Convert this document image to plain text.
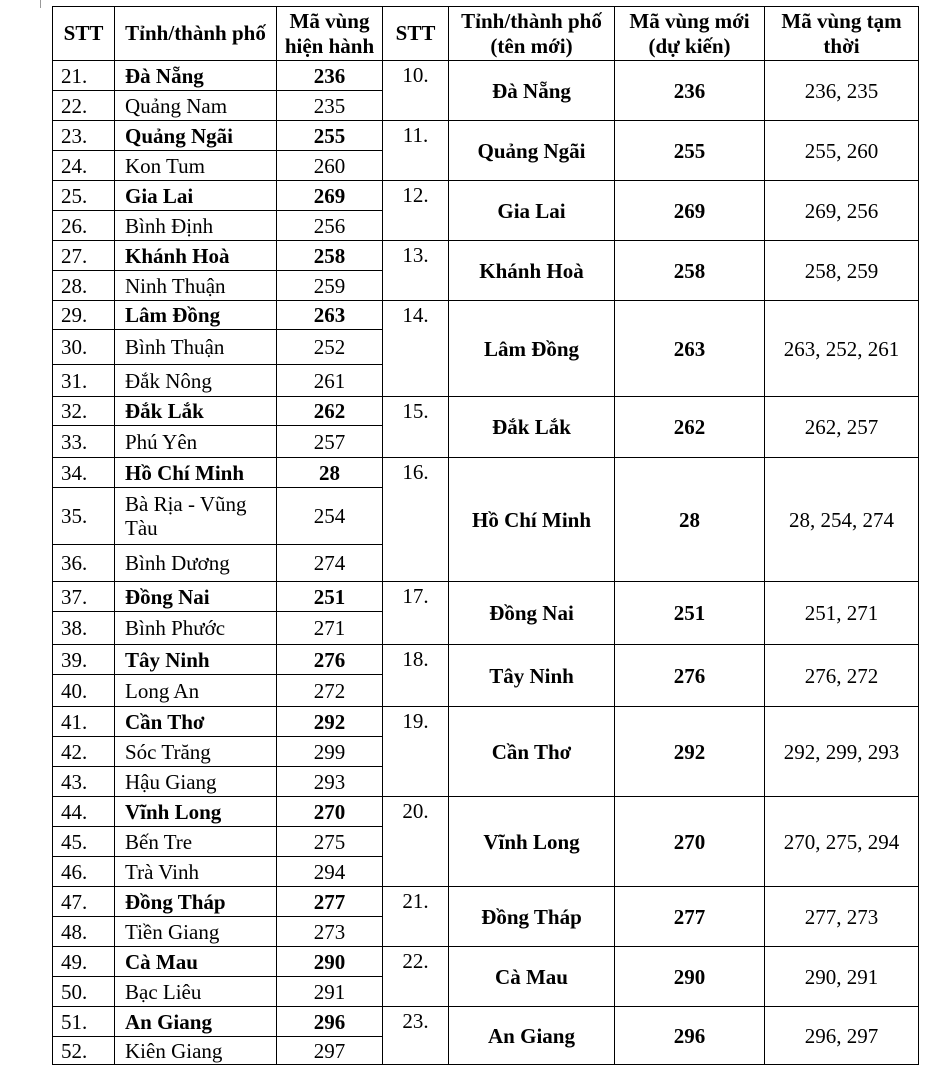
STT	Tỉnh/thành phố	Mã vùng hiện hành	STT	Tỉnh/thành phố (tên mới)	Mã vùng mới (dự kiến)	Mã vùng tạm thời
21.	Đà Nẵng	236	10.	Đà Nẵng	236	236, 235
22.	Quảng Nam	235				
23.	Quảng Ngãi	255	11.	Quảng Ngãi	255	255, 260
24.	Kon Tum	260				
25.	Gia Lai	269	12.	Gia Lai	269	269, 256
26.	Bình Định	256				
27.	Khánh Hoà	258	13.	Khánh Hoà	258	258, 259
28.	Ninh Thuận	259				
29.	Lâm Đồng	263	14.	Lâm Đồng	263	263, 252, 261
30.	Bình Thuận	252				
31.	Đắk Nông	261				
32.	Đắk Lắk	262	15.	Đắk Lắk	262	262, 257
33.	Phú Yên	257				
34.	Hồ Chí Minh	28	16.	Hồ Chí Minh	28	28, 254, 274
35.	Bà Rịa - Vũng Tàu	254				
36.	Bình Dương	274				
37.	Đồng Nai	251	17.	Đồng Nai	251	251, 271
38.	Bình Phước	271				
39.	Tây Ninh	276	18.	Tây Ninh	276	276, 272
40.	Long An	272				
41.	Cần Thơ	292	19.	Cần Thơ	292	292, 299, 293
42.	Sóc Trăng	299				
43.	Hậu Giang	293				
44.	Vĩnh Long	270	20.	Vĩnh Long	270	270, 275, 294
45.	Bến Tre	275				
46.	Trà Vinh	294				
47.	Đồng Tháp	277	21.	Đồng Tháp	277	277, 273
48.	Tiền Giang	273				
49.	Cà Mau	290	22.	Cà Mau	290	290, 291
50.	Bạc Liêu	291				
51.	An Giang	296	23.	An Giang	296	296, 297
52.	Kiên Giang	297				
